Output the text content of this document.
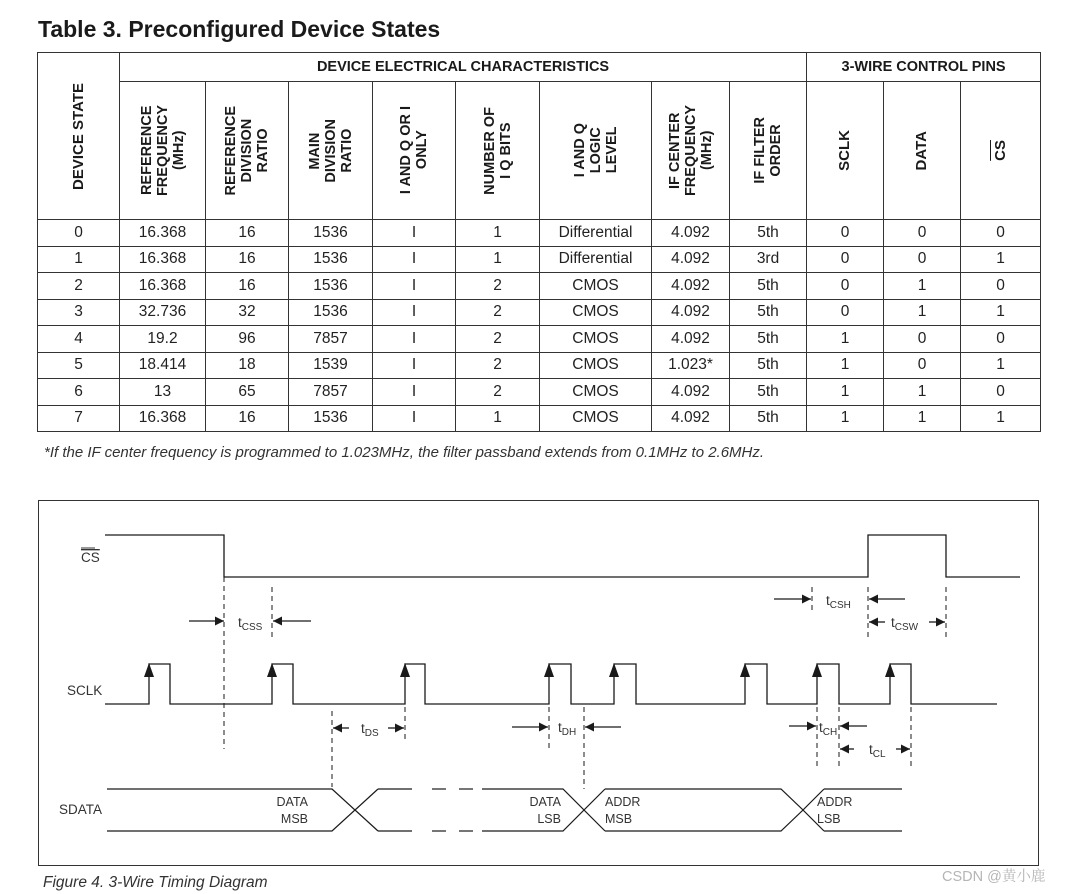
Table 3. Preconfigured Device States
DEVICE STATE	DEVICE ELECTRICAL CHARACTERISTICS								3-WIRE CONTROL PINS		

	REFERENCE
FREQUENCY
(MHz)	REFERENCE
DIVISION
RATIO	MAIN
DIVISION
RATIO	I AND Q OR I
ONLY	NUMBER OF
I Q BITS	I AND Q
LOGIC
LEVEL	IF CENTER
FREQUENCY
(MHz)	IF FILTER
ORDER	SCLK	DATA	CS

0	16.368	16	1536	I	1	Differential	4.092	5th	0	0	0
1	16.368	16	1536	I	1	Differential	4.092	3rd	0	0	1
2	16.368	16	1536	I	2	CMOS	4.092	5th	0	1	0
3	32.736	32	1536	I	2	CMOS	4.092	5th	0	1	1
4	19.2	96	7857	I	2	CMOS	4.092	5th	1	0	0
5	18.414	18	1539	I	2	CMOS	1.023*	5th	1	0	1
6	13	65	7857	I	2	CMOS	4.092	5th	1	1	0
7	16.368	16	1536	I	1	CMOS	4.092	5th	1	1	1
*If the IF center frequency is programmed to 1.023MHz, the filter passband extends from 0.1MHz to 2.6MHz.
CS
SCLK
SDATA	DATA
MSB
DATA
LSB
ADDR
MSB
ADDR
LSB
$t_{CSS}$
$t_{CSH}$
$t_{CSW}$
$t_{DS}$	$t_{DH}$	$t_{CH}$
$t_{CL}$
Figure 4. 3-Wire Timing Diagram	CSDN @黄小鹿
